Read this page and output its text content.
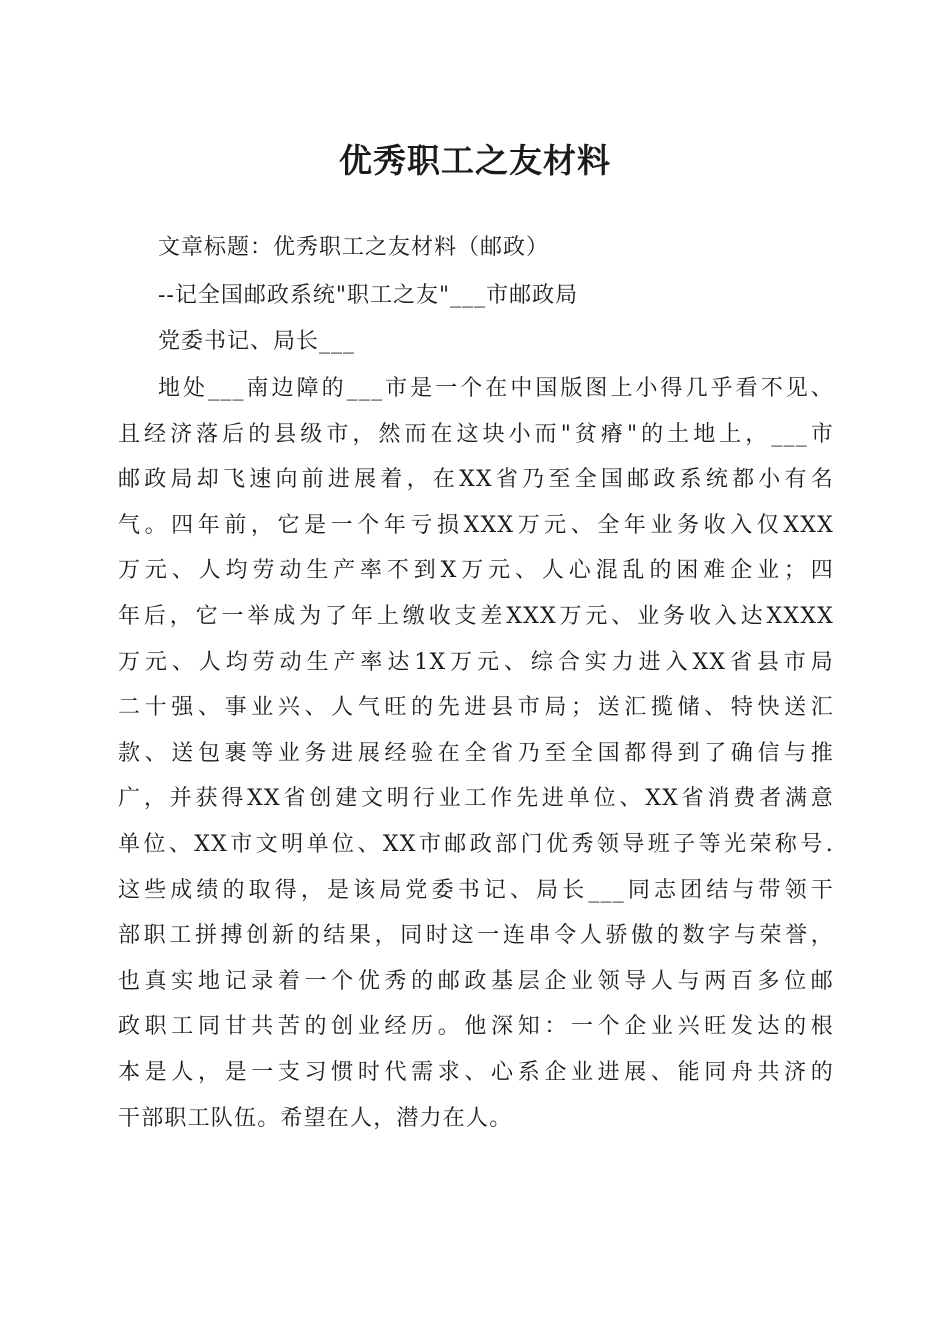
优秀职工之友材料
文章标题：优秀职工之友材料（邮政）
--记全国邮政系统"职工之友"___市邮政局
党委书记、局长___
地处___南边障的___市是一个在中国版图上小得几乎看不见、
且经济落后的县级市，然而在这块小而"贫瘠"的土地上，___市
邮政局却飞速向前进展着，在XX省乃至全国邮政系统都小有名
气。四年前，它是一个年亏损XXX万元、全年业务收入仅XXX
万元、人均劳动生产率不到X万元、人心混乱的困难企业；四
年后，它一举成为了年上缴收支差XXX万元、业务收入达XXXX
万元、人均劳动生产率达1X万元、综合实力进入XX省县市局
二十强、事业兴、人气旺的先进县市局；送汇揽储、特快送汇
款、送包裹等业务进展经验在全省乃至全国都得到了确信与推
广，并获得XX省创建文明行业工作先进单位、XX省消费者满意
单位、XX市文明单位、XX市邮政部门优秀领导班子等光荣称号.
这些成绩的取得，是该局党委书记、局长___同志团结与带领干
部职工拼搏创新的结果，同时这一连串令人骄傲的数字与荣誉，
也真实地记录着一个优秀的邮政基层企业领导人与两百多位邮
政职工同甘共苦的创业经历。他深知：一个企业兴旺发达的根
本是人，是一支习惯时代需求、心系企业进展、能同舟共济的
干部职工队伍。希望在人，潜力在人。
